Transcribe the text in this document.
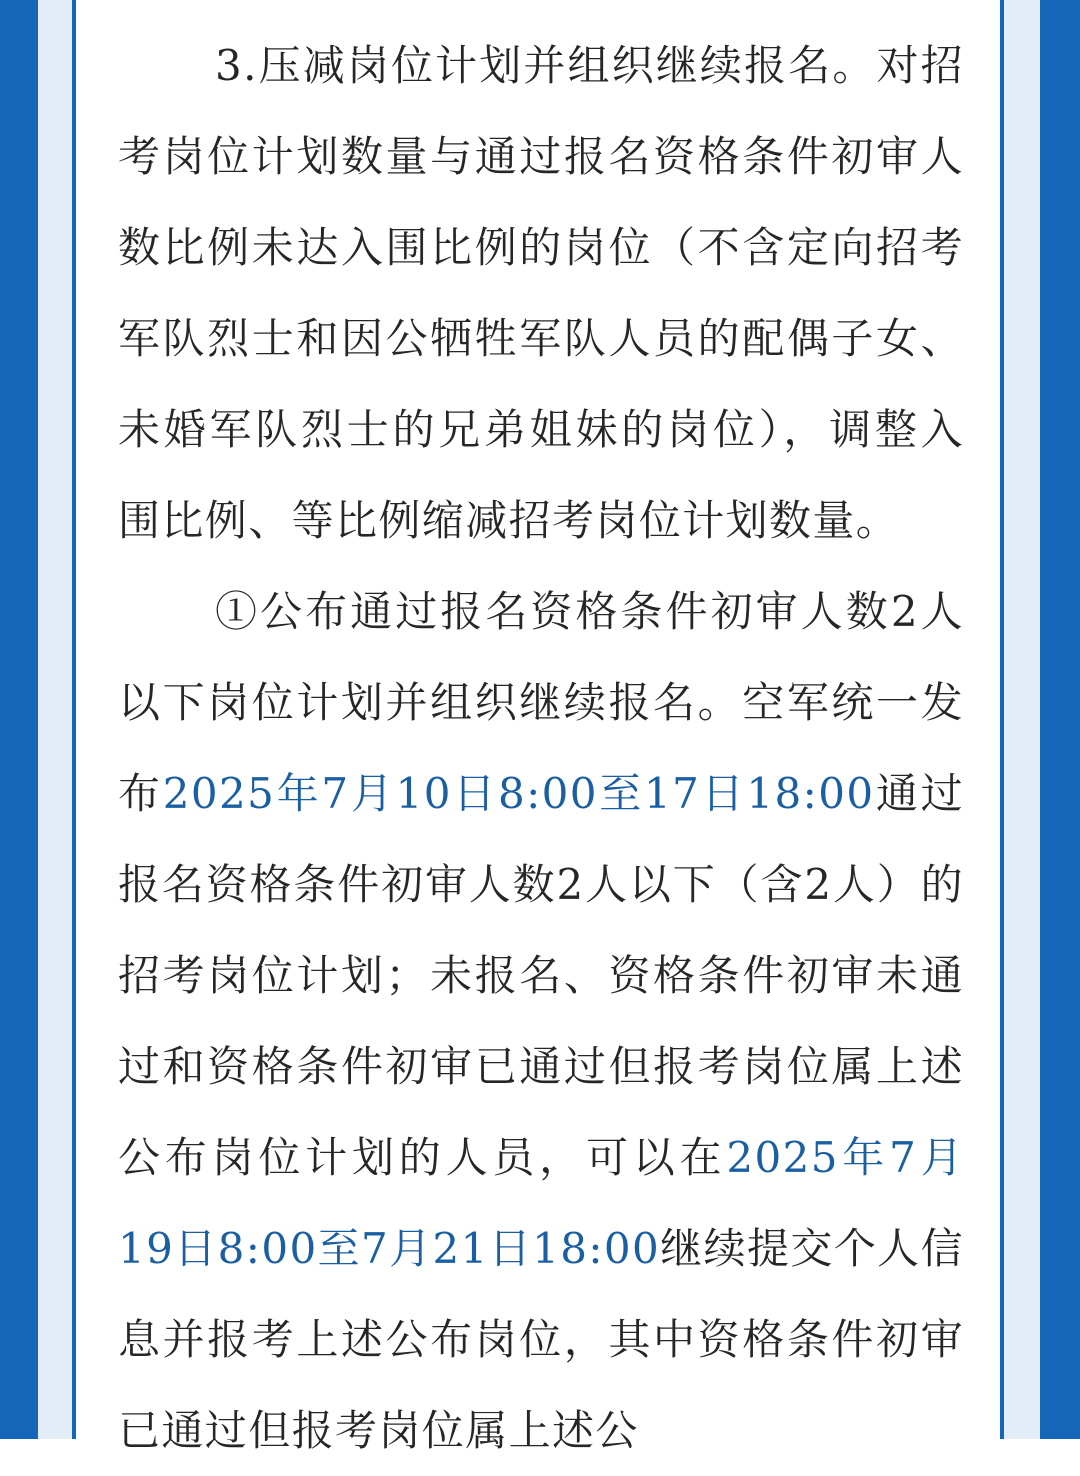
3.压减岗位计划并组织继续报名。对招考岗位计划数量与通过报名资格条件初审人数比例未达入围比例的岗位（不含定向招考军队烈士和因公牺牲军队人员的配偶子女、未婚军队烈士的兄弟姐妹的岗位），调整入围比例、等比例缩减招考岗位计划数量。

①公布通过报名资格条件初审人数2人以下岗位计划并组织继续报名。空军统一发布2025年7月10日8:00至17日18:00通过报名资格条件初审人数2人以下（含2人）的招考岗位计划；未报名、资格条件初审未通过和资格条件初审已通过但报考岗位属上述公布岗位计划的人员，可以在2025年7月19日8:00至7月21日18:00继续提交个人信息并报考上述公布岗位，其中资格条件初审已通过但报考岗位属上述公
